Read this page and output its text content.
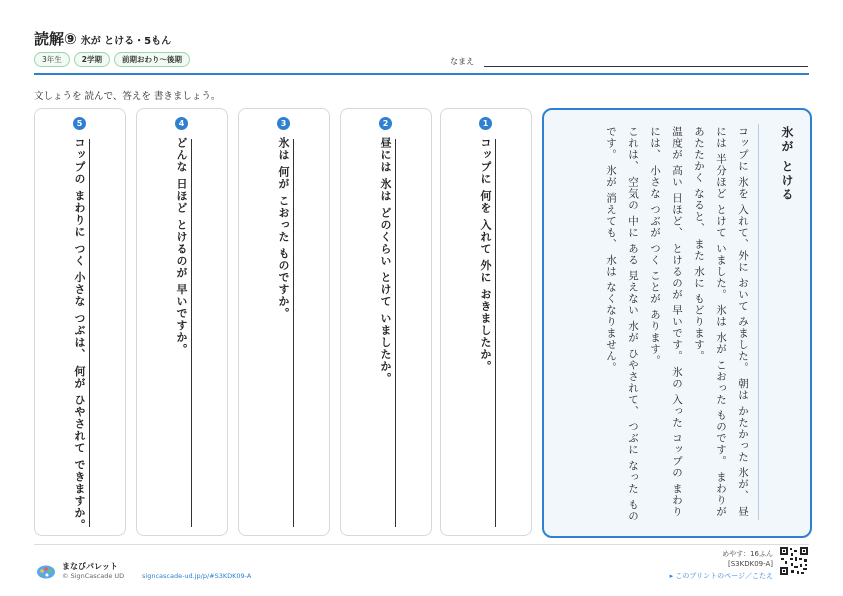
読解⑨ 氷が とける・5もん
3年生	2学期	前期おわり～後期	なまえ
文しょうを 読んで、答えを 書きましょう。
5
コップの まわりに つく 小さな つぶは、 何が ひやされて できますか。
4
どんな 日ほど とけるのが 早いですか。
3
氷は 何が こおった ものですか。
2
昼には 氷は どのくらい とけて いましたか。
1
コップに 何を 入れて 外に おきましたか。	氷が とける
コップに 氷を 入れて、外に おいて みました。 朝は かたかった 氷が、 昼には 半分ほど とけて いました。 氷は 水が こおった ものです。 まわりが あたたかく なると、 また 水に もどります。
温度が 高い 日ほど、 とけるのが 早いです。 氷の 入った コップの まわりには、 小さな つぶが つく ことが あります。
これは、 空気の 中に ある 見えない 水が ひやされて、 つぶに なった ものです。 氷が 消えても、 水は なくなりません。
まなびパレット
© SignCascade UD	signcascade-ud.jp/p/#S3KDK09-A
めやす：16ふん
[S3KDK09-A]
▸ このプリントのページ／こたえ
